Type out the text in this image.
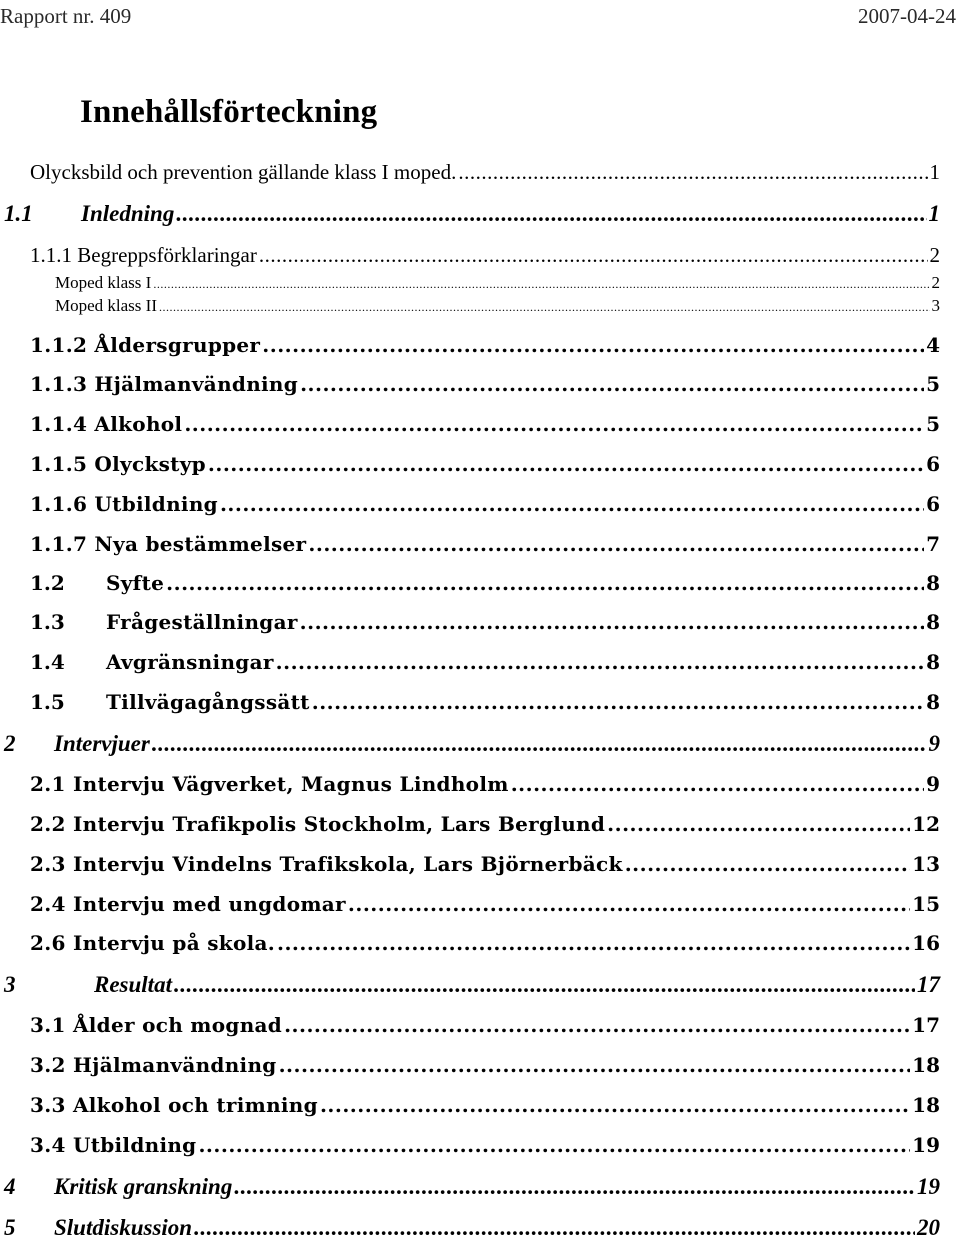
Rapport nr. 409	2007-04-24
Innehållsförteckning
Olycksbild och prevention gällande klass I moped. .....	1
1.1	Inledning .....	1
1.1.1 Begreppsförklaringar .....	2
Moped klass I .....	2
Moped klass II .....	3
1.1.2 Åldersgrupper .....	4
1.1.3 Hjälmanvändning .....	5
1.1.4 Alkohol .....	5
1.1.5 Olyckstyp .....	6
1.1.6 Utbildning .....	6
1.1.7 Nya bestämmelser .....	7
1.2	Syfte .....	8
1.3	Frågeställningar .....	8
1.4	Avgränsningar .....	8
1.5	Tillvägagångssätt .....	8
2	Intervjuer .....	9
2.1 Intervju Vägverket, Magnus Lindholm .....	9
2.2 Intervju Trafikpolis Stockholm, Lars Berglund .....	12
2.3 Intervju Vindelns Trafikskola, Lars Björnerbäck .....	13
2.4 Intervju med ungdomar .....	15
2.6 Intervju på skola. .....	16
3	Resultat .....	17
3.1 Ålder och mognad .....	17
3.2 Hjälmanvändning .....	18
3.3 Alkohol och trimning .....	18
3.4 Utbildning .....	19
4	Kritisk granskning .....	19
5	Slutdiskussion .....	20
